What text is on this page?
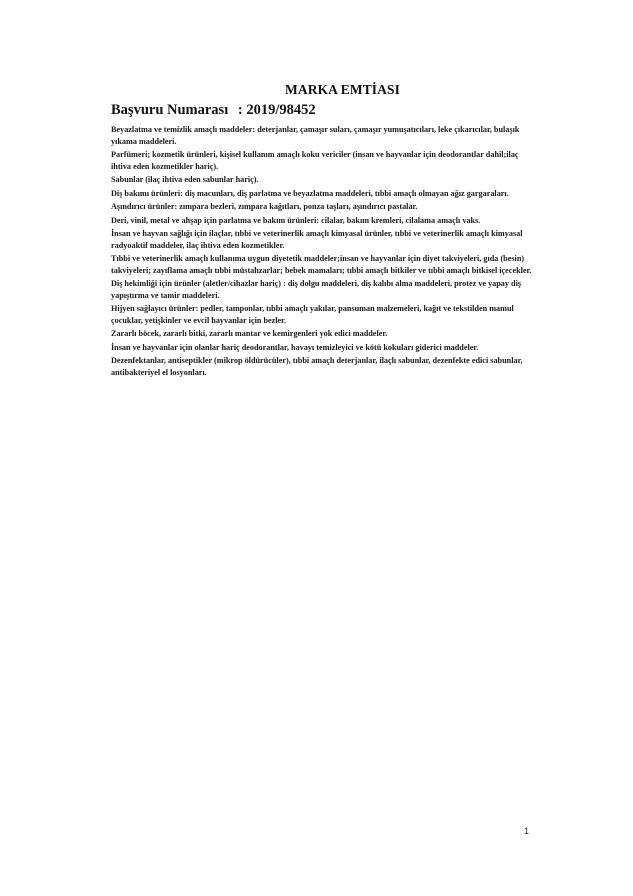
MARKA EMTİASI
Başvuru Numarası : 2019/98452

Beyazlatma ve temizlik amaçlı maddeler: deterjanlar, çamaşır suları, çamaşır yumuşatıcıları, leke çıkarıcılar, bulaşık yıkama maddeleri.

Parfümeri; kozmetik ürünleri, kişisel kullanım amaçlı koku vericiler (insan ve hayvanlar için deodorantlar dahil;ilaç ihtiva eden kozmetikler hariç).

Sabunlar (ilaç ihtiva eden sabunlar hariç).

Diş bakımı ürünleri: diş macunları, diş parlatma ve beyazlatma maddeleri, tıbbi amaçlı olmayan ağız gargaraları.

Aşındırıcı ürünler: zımpara bezleri, zımpara kağıtları, ponza taşları, aşındırıcı pastalar.

Deri, vinil, metal ve ahşap için parlatma ve bakım ürünleri: cilalar, bakım kremleri, cilalama amaçlı vaks.

İnsan ve hayvan sağlığı için ilaçlar, tıbbi ve veterinerlik amaçlı kimyasal ürünler, tıbbi ve veterinerlik amaçlı kimyasal radyoaktif maddeler, ilaç ihtiva eden kozmetikler.

Tıbbi ve veterinerlik amaçlı kullanıma uygun diyetetik maddeler;insan ve hayvanlar için diyet takviyeleri, gıda (besin) takviyeleri; zayıflama amaçlı tıbbi müstahzarlar; bebek mamaları; tıbbi amaçlı bitkiler ve tıbbi amaçlı bitkisel içecekler.

Diş hekimliği için ürünler (aletler/cihazlar hariç) : diş dolgu maddeleri, diş kalıbı alma maddeleri, protez ve yapay diş yapıştırma ve tamir maddeleri.

Hijyen sağlayıcı ürünler: pedler, tamponlar, tıbbi amaçlı yakılar, pansuman malzemeleri, kağıt ve tekstilden mamul çocuklar, yetişkinler ve evcil hayvanlar için bezler.

Zararlı böcek, zararlı bitki, zararlı mantar ve kemirgenleri yok edici maddeler.

İnsan ve hayvanlar için olanlar hariç deodorantlar, havayı temizleyici ve kötü kokuları giderici maddeler.

Dezenfektanlar, antiseptikler (mikrop öldürücüler), tıbbi amaçlı deterjanlar, ilaçlı sabunlar, dezenfekte edici sabunlar, antibakteriyel el losyonları.

1
